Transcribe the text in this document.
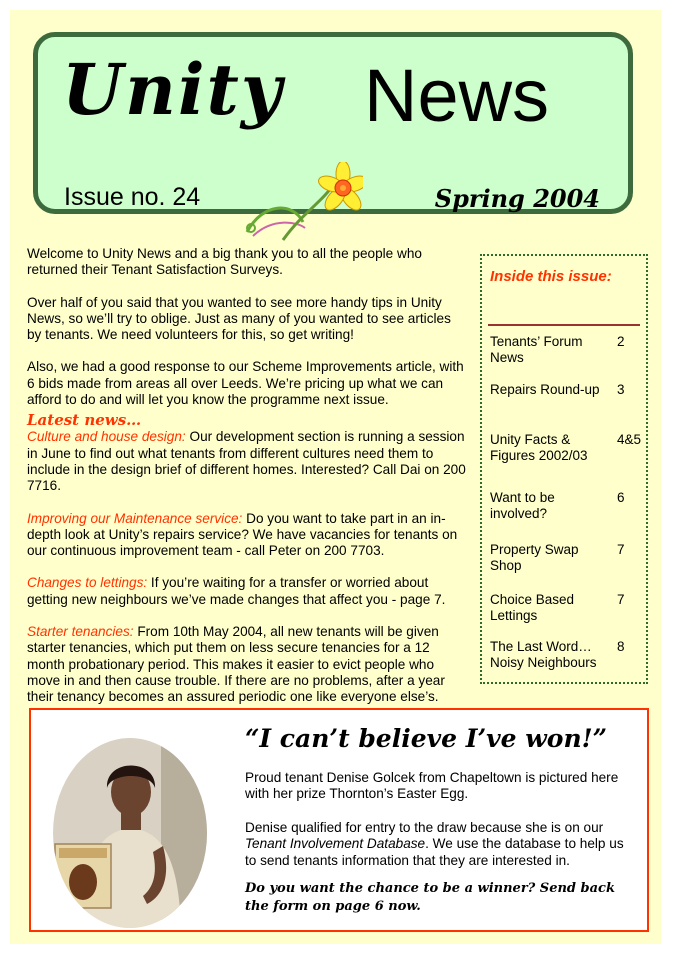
Unity News
Issue no. 24	Spring 2004

Welcome to Unity News and a big thank you to all the people who returned their Tenant Satisfaction Surveys.

Over half of you said that you wanted to see more handy tips in Unity News, so we’ll try to oblige. Just as many of you wanted to see articles by tenants. We need volunteers for this, so get writing!

Also, we had a good response to our Scheme Improvements article, with 6 bids made from areas all over Leeds. We’re pricing up what we can afford to do and will let you know the programme next issue.

Latest news…

Culture and house design: Our development section is running a session in June to find out what tenants from different cultures need them to include in the design brief of different homes. Interested? Call Dai on 200 7716.

Improving our Maintenance service: Do you want to take part in an in-depth look at Unity’s repairs service? We have vacancies for tenants on our continuous improvement team - call Peter on 200 7703.

Changes to lettings: If you’re waiting for a transfer or worried about getting new neighbours we’ve made changes that affect you - page 7.

Starter tenancies: From 10th May 2004, all new tenants will be given starter tenancies, which put them on less secure tenancies for a 12 month probationary period. This makes it easier to evict people who move in and then cause trouble. If there are no problems, after a year their tenancy becomes an assured periodic one like everyone else’s.

Inside this issue:
Tenants’ Forum News
2
Repairs Round-up 3
Unity Facts & Figures 2002/03
4&5
Want to be involved?
6
Property Swap Shop
7
Choice Based Lettings
7
The Last Word… Noisy Neighbours
8
“I can’t believe I’ve won!”
Proud tenant Denise Golcek from Chapeltown is pictured here with her prize Thornton’s Easter Egg.
Denise qualified for entry to the draw because she is on our Tenant Involvement Database. We use the database to help us to send tenants information that they are interested in.
Do you want the chance to be a winner? Send back the form on page 6 now.
